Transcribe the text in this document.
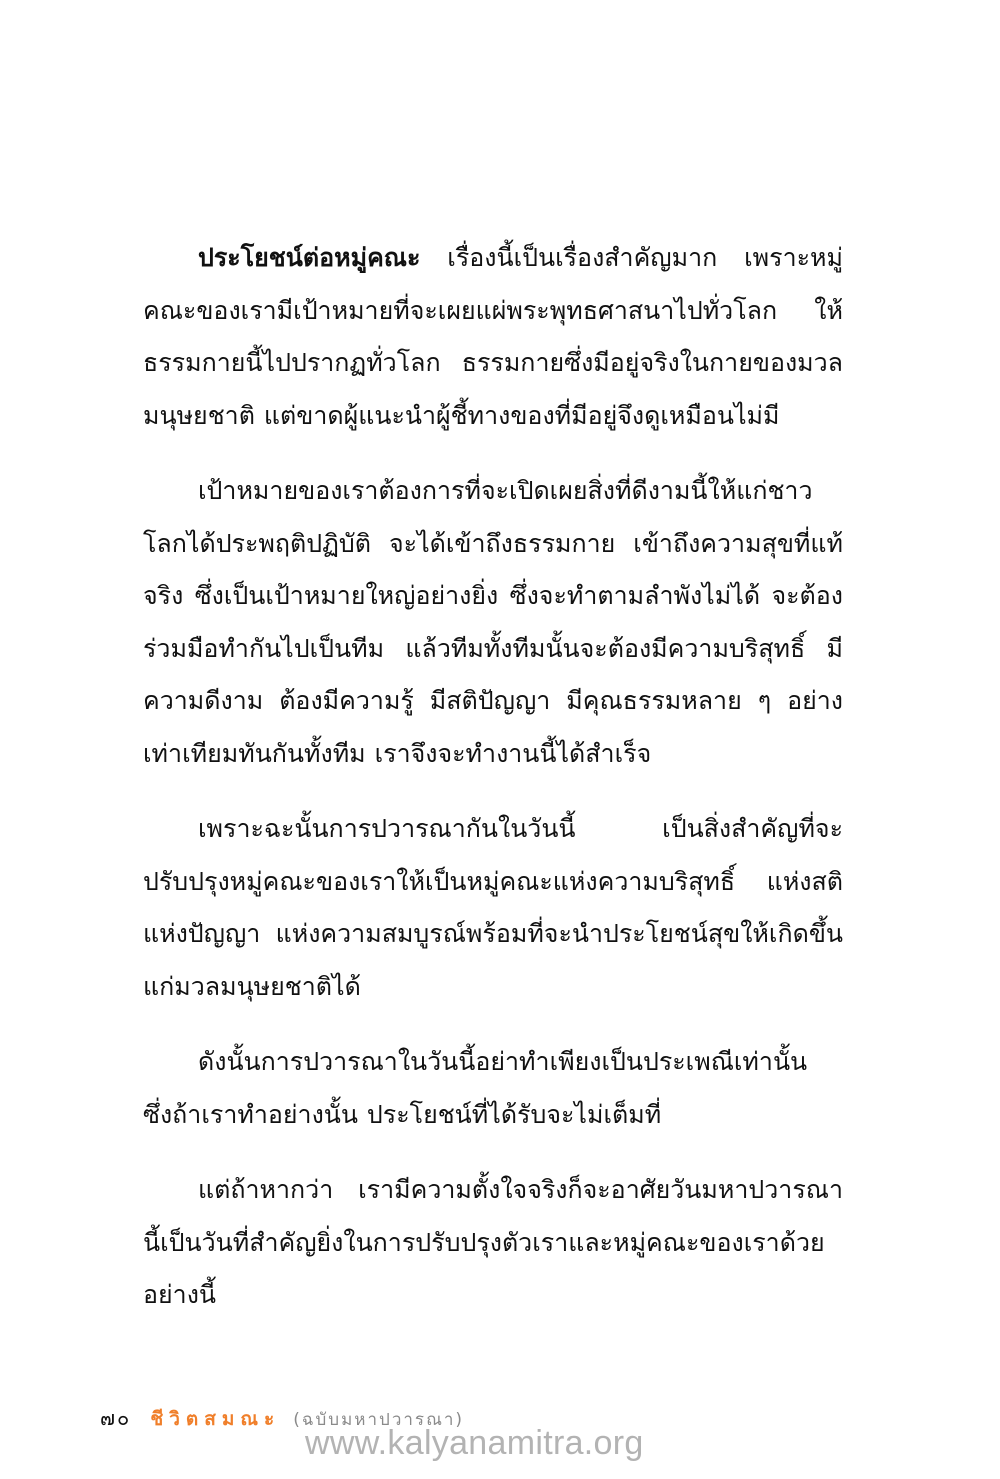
ประโยชน์ต่อหมู่คณะ เรื่องนี้เป็นเรื่องสำคัญมาก เพราะหมู่คณะของเรามีเป้าหมายที่จะเผยแผ่พระพุทธศาสนาไปทั่วโลก ให้ธรรมกายนี้ไปปรากฏทั่วโลก ธรรมกายซึ่งมีอยู่จริงในกายของมวลมนุษยชาติ แต่ขาดผู้แนะนำผู้ชี้ทางของที่มีอยู่จึงดูเหมือนไม่มี

เป้าหมายของเราต้องการที่จะเปิดเผยสิ่งที่ดีงามนี้ให้แก่ชาวโลกได้ประพฤติปฏิบัติ จะได้เข้าถึงธรรมกาย เข้าถึงความสุขที่แท้จริง ซึ่งเป็นเป้าหมายใหญ่อย่างยิ่ง ซึ่งจะทำตามลำพังไม่ได้ จะต้องร่วมมือทำกันไปเป็นทีม แล้วทีมทั้งทีมนั้นจะต้องมีความบริสุทธิ์ มีความดีงาม ต้องมีความรู้ มีสติปัญญา มีคุณธรรมหลาย ๆ อย่างเท่าเทียมทันกันทั้งทีม เราจึงจะทำงานนี้ได้สำเร็จ

เพราะฉะนั้นการปวารณากันในวันนี้ เป็นสิ่งสำคัญที่จะปรับปรุงหมู่คณะของเราให้เป็นหมู่คณะแห่งความบริสุทธิ์ แห่งสติ แห่งปัญญา แห่งความสมบูรณ์พร้อมที่จะนำประโยชน์สุขให้เกิดขึ้นแก่มวลมนุษยชาติได้

ดังนั้นการปวารณาในวันนี้อย่าทำเพียงเป็นประเพณีเท่านั้น ซึ่งถ้าเราทำอย่างนั้น ประโยชน์ที่ได้รับจะไม่เต็มที่

แต่ถ้าหากว่า เรามีความตั้งใจจริงก็จะอาศัยวันมหาปวารณานี้เป็นวันที่สำคัญยิ่งในการปรับปรุงตัวเราและหมู่คณะของเราด้วย อย่างนี้

๗๐ ชีวิตสมณะ (ฉบับมหาปวารณา)
www.kalyanamitra.org
